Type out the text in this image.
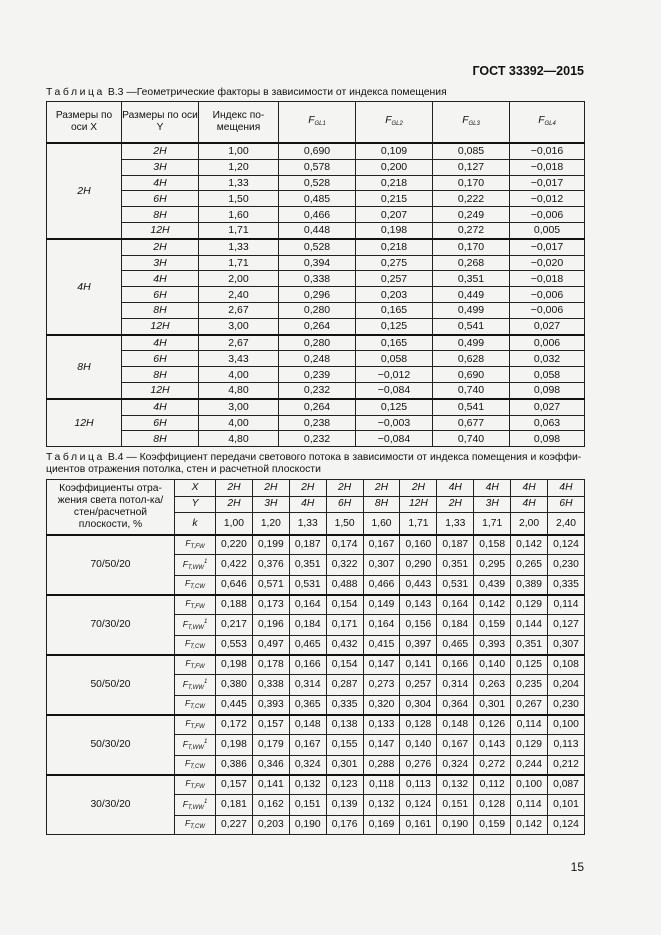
ГОСТ 33392—2015
Таблица В.3 —Геометрические факторы в зависимости от индекса помещения
Размеры по оси X	Размеры по оси Y	Индекс по-мещения	$F_{GL1}$	$F_{GL2}$	$F_{GL3}$	$F_{GL4}$
2H	2H	1,00	0,690	0,109	0,085	−0,016
	3H	1,20	0,578	0,200	0,127	−0,018
	4H	1,33	0,528	0,218	0,170	−0,017
	6H	1,50	0,485	0,215	0,222	−0,012
	8H	1,60	0,466	0,207	0,249	−0,006
	12H	1,71	0,448	0,198	0,272	0,005
4H	2H	1,33	0,528	0,218	0,170	−0,017
	3H	1,71	0,394	0,275	0,268	−0,020
	4H	2,00	0,338	0,257	0,351	−0,018
	6H	2,40	0,296	0,203	0,449	−0,006
	8H	2,67	0,280	0,165	0,499	−0,006
	12H	3,00	0,264	0,125	0,541	0,027
8H	4H	2,67	0,280	0,165	0,499	0,006
	6H	3,43	0,248	0,058	0,628	0,032
	8H	4,00	0,239	−0,012	0,690	0,058
	12H	4,80	0,232	−0,084	0,740	0,098
12H	4H	3,00	0,264	0,125	0,541	0,027
	6H	4,00	0,238	−0,003	0,677	0,063
	8H	4,80	0,232	−0,084	0,740	0,098
Таблица В.4 — Коэффициент передачи светового потока в зависимости от индекса помещения и коэффи-
циентов отражения потолка, стен и расчетной плоскости
Коэффициенты отра-жения света потол-ка/стен/расчетной плоскости, %	X	2H	2H	2H	2H	2H	2H	4H	4H	4H	4H
	Y	2H	3H	4H	6H	8H	12H	2H	3H	4H	6H
	k	1,00	1,20	1,33	1,50	1,60	1,71	1,33	1,71	2,00	2,40
70/50/20	$F_{T,FW}$	0,220	0,199	0,187	0,174	0,167	0,160	0,187	0,158	0,142	0,124
	$F_{T,WW}^1$	0,422	0,376	0,351	0,322	0,307	0,290	0,351	0,295	0,265	0,230
	$F_{T,CW}$	0,646	0,571	0,531	0,488	0,466	0,443	0,531	0,439	0,389	0,335
70/30/20	$F_{T,FW}$	0,188	0,173	0,164	0,154	0,149	0,143	0,164	0,142	0,129	0,114
	$F_{T,WW}^1$	0,217	0,196	0,184	0,171	0,164	0,156	0,184	0,159	0,144	0,127
	$F_{T,CW}$	0,553	0,497	0,465	0,432	0,415	0,397	0,465	0,393	0,351	0,307
50/50/20	$F_{T,FW}$	0,198	0,178	0,166	0,154	0,147	0,141	0,166	0,140	0,125	0,108
	$F_{T,WW}^1$	0,380	0,338	0,314	0,287	0,273	0,257	0,314	0,263	0,235	0,204
	$F_{T,CW}$	0,445	0,393	0,365	0,335	0,320	0,304	0,364	0,301	0,267	0,230
50/30/20	$F_{T,FW}$	0,172	0,157	0,148	0,138	0,133	0,128	0,148	0,126	0,114	0,100
	$F_{T,WW}^1$	0,198	0,179	0,167	0,155	0,147	0,140	0,167	0,143	0,129	0,113
	$F_{T,CW}$	0,386	0,346	0,324	0,301	0,288	0,276	0,324	0,272	0,244	0,212
30/30/20	$F_{T,FW}$	0,157	0,141	0,132	0,123	0,118	0,113	0,132	0,112	0,100	0,087
	$F_{T,WW}^1$	0,181	0,162	0,151	0,139	0,132	0,124	0,151	0,128	0,114	0,101
	$F_{T,CW}$	0,227	0,203	0,190	0,176	0,169	0,161	0,190	0,159	0,142	0,124
15
